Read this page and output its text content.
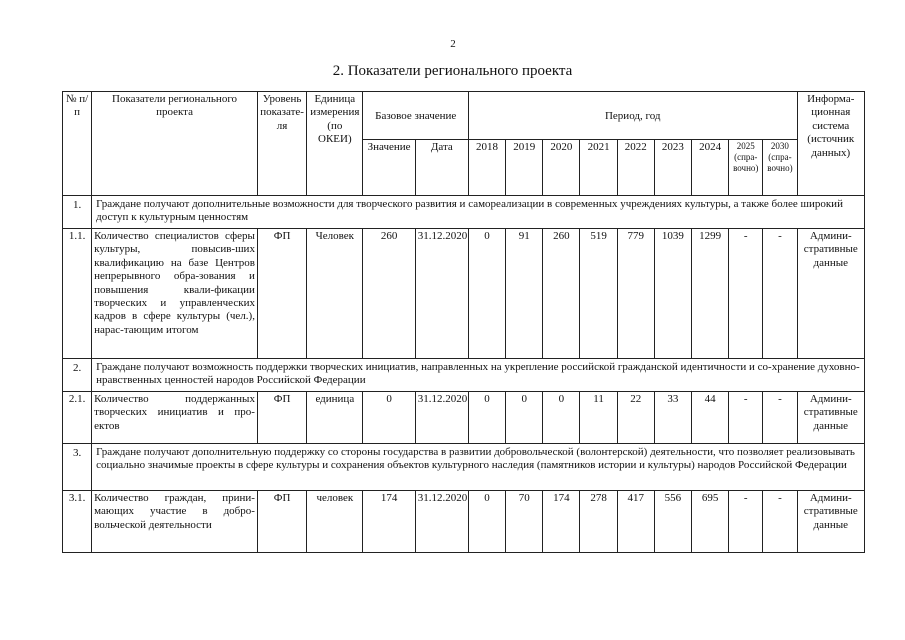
2
2. Показатели регионального проекта
№ п/п	Показатели регионального проекта	Уровень показате-ля	Единица измерения (по ОКЕИ)	Базовое значение		Период, год									Информа-ционная система (источник данных)
				Значение	Дата	2018	2019	2020	2021	2022	2023	2024	2025 (спра-вочно)	2030 (спра-вочно)	
1.	Граждане получают дополнительные возможности для творческого развития и самореализации в современных учреждениях культуры, а также более широкий доступ к культурным ценностям														
1.1.	Количество специалистов сферы культуры, повысив-ших квалификацию на базе Центров непрерывного обра-зования и повышения квали-фикации творческих и управленческих кадров в сфере культуры (чел.), нарас-тающим итогом	ФП	Человек	260	31.12.2020	0	91	260	519	779	1039	1299	-	-	Админи-стративные данные
2.	Граждане получают возможность поддержки творческих инициатив, направленных на укрепление российской гражданской идентичности и со-хранение духовно-нравственных ценностей народов Российской Федерации														
2.1.	Количество поддержанных творческих инициатив и про-ектов	ФП	единица	0	31.12.2020	0	0	0	11	22	33	44	-	-	Админи-стративные данные
3.	Граждане получают дополнительную поддержку со стороны государства в развитии добровольческой (волонтерской) деятельности, что позволяет реализовывать социально значимые проекты в сфере культуры и сохранения объектов культурного наследия (памятников истории и культуры) народов Российской Федерации														
3.1.	Количество граждан, прини-мающих участие в добро-вольческой деятельности	ФП	человек	174	31.12.2020	0	70	174	278	417	556	695	-	-	Админи-стративные данные
